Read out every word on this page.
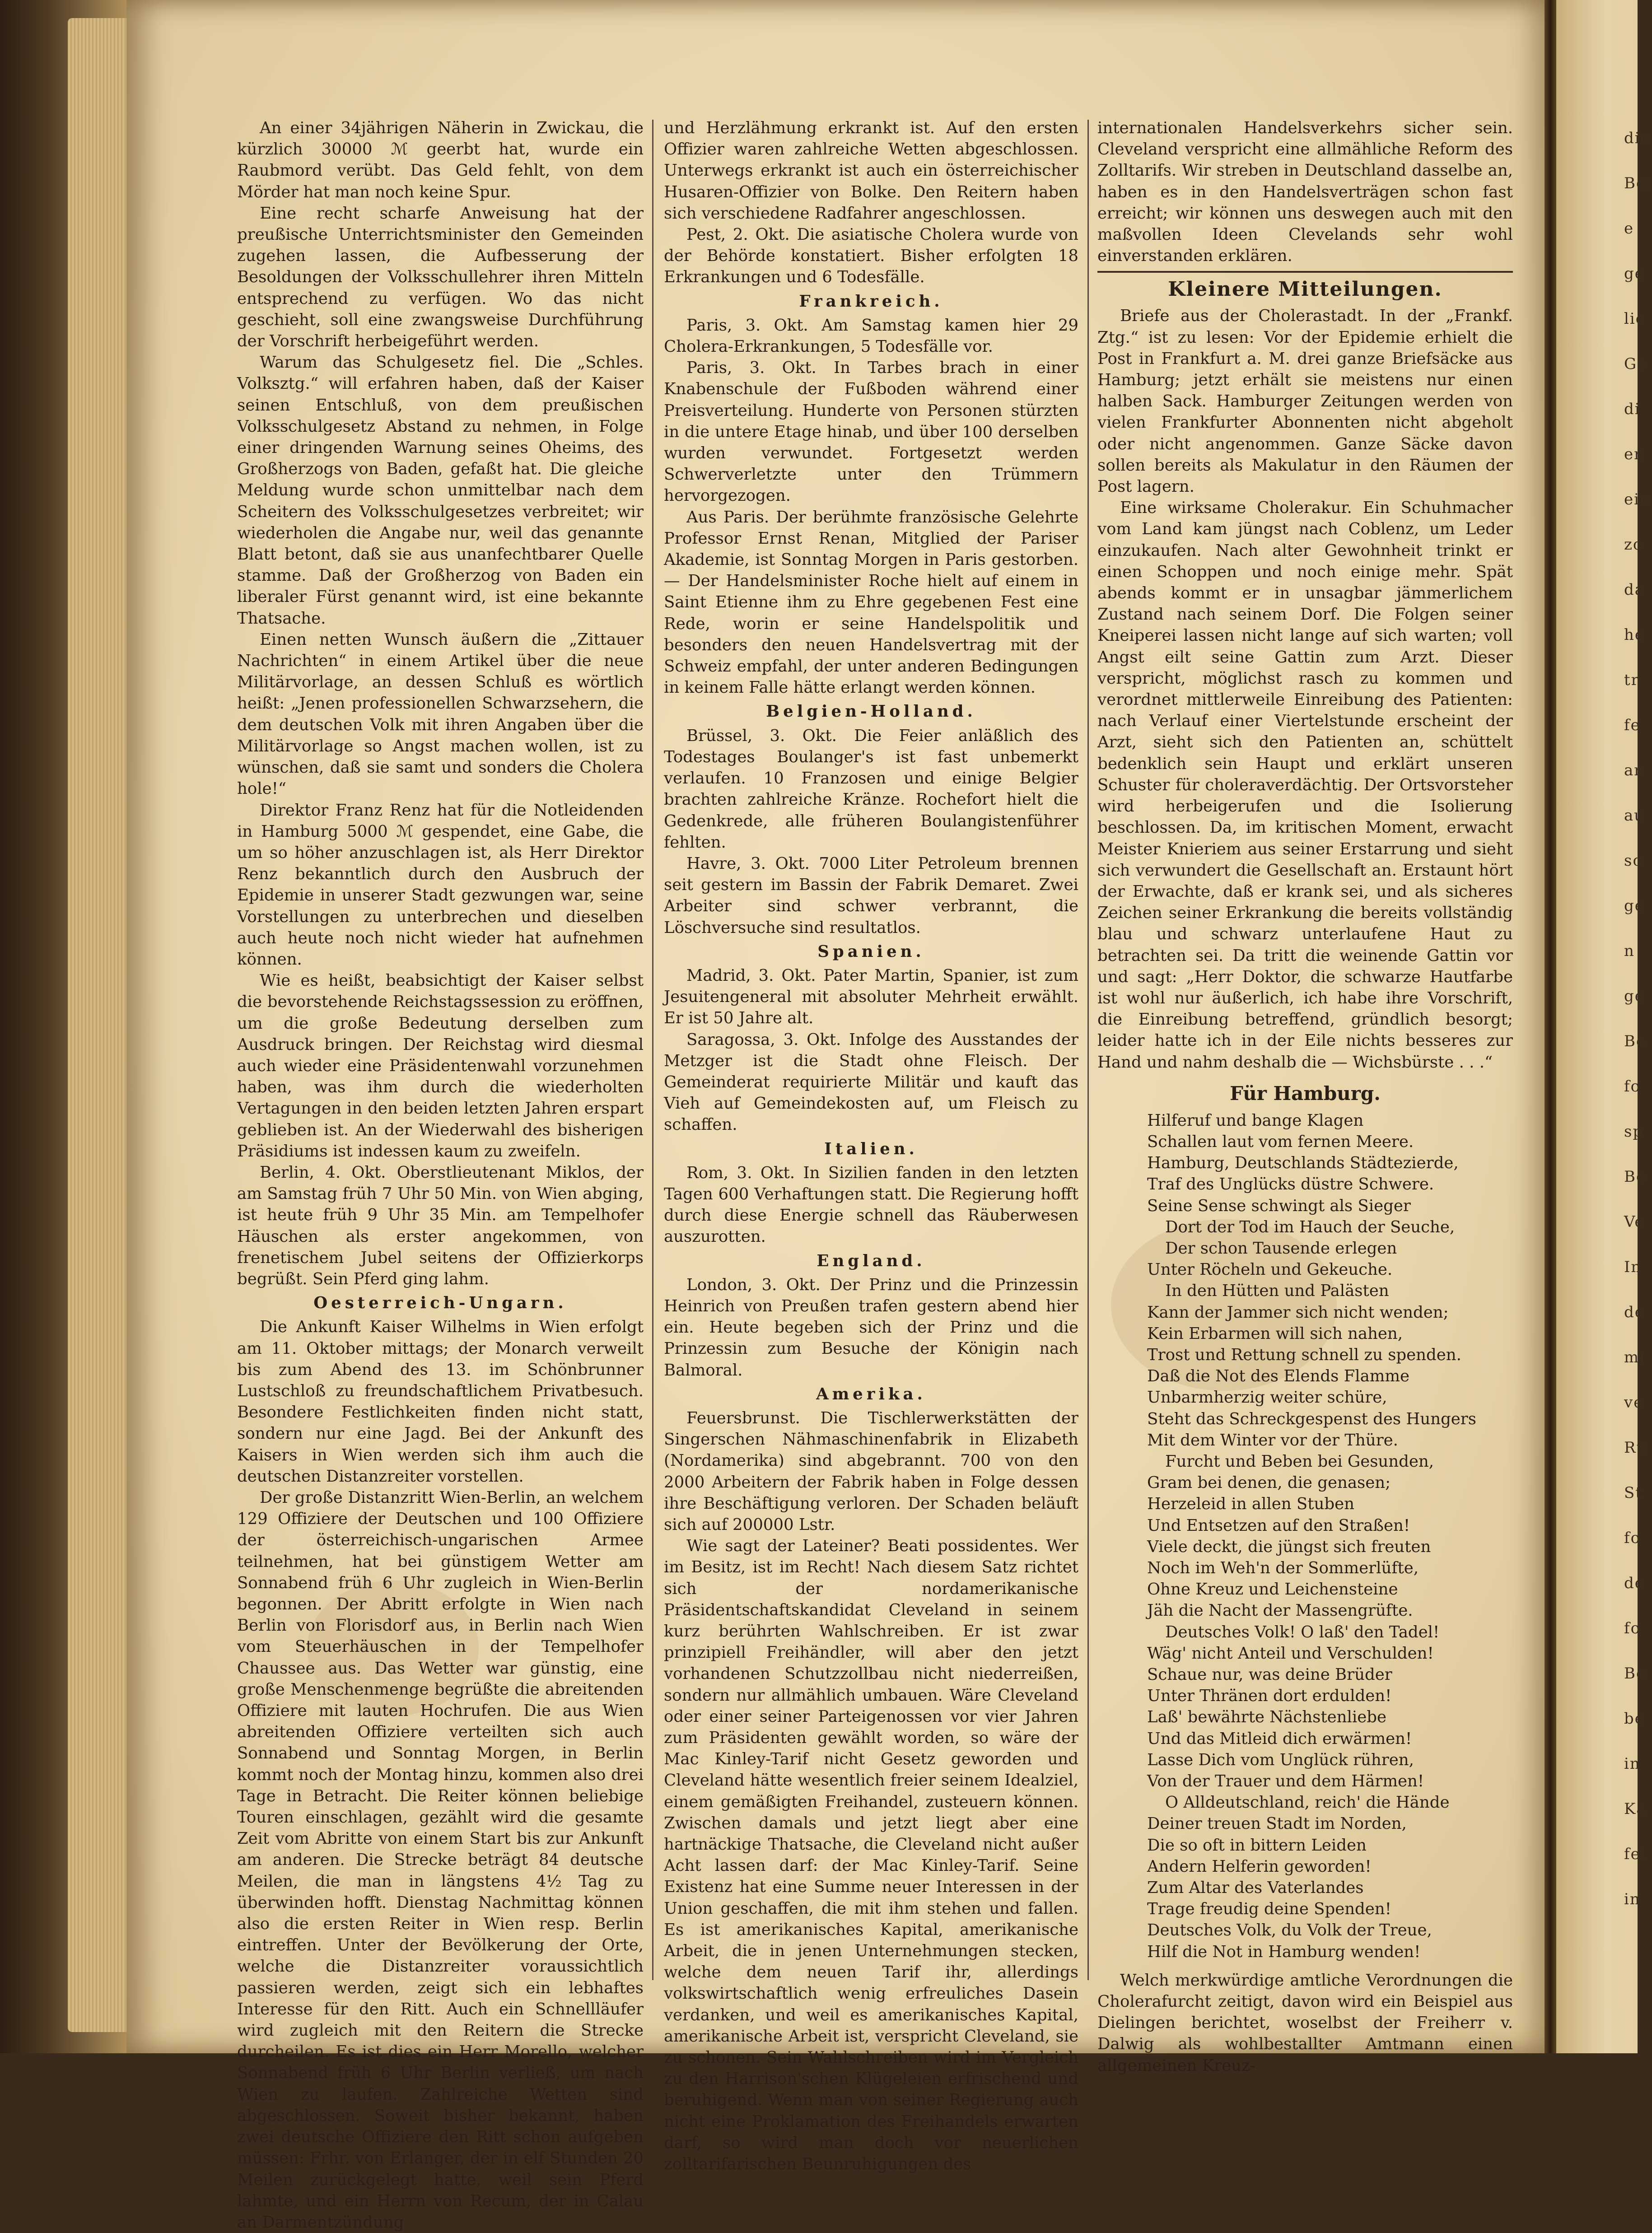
An einer 34jährigen Näherin in Zwickau, die kürzlich 30000 ℳ geerbt hat, wurde ein Raubmord verübt. Das Geld fehlt, von dem Mörder hat man noch keine Spur.

Eine recht scharfe Anweisung hat der preußische Unterrichtsminister den Gemeinden zugehen lassen, die Aufbesserung der Besoldungen der Volksschullehrer ihren Mitteln entsprechend zu verfügen. Wo das nicht geschieht, soll eine zwangsweise Durchführung der Vorschrift herbeigeführt werden.

Warum das Schulgesetz fiel. Die „Schles. Volksztg.“ will erfahren haben, daß der Kaiser seinen Entschluß, von dem preußischen Volksschulgesetz Abstand zu nehmen, in Folge einer dringenden Warnung seines Oheims, des Großherzogs von Baden, gefaßt hat. Die gleiche Meldung wurde schon unmittelbar nach dem Scheitern des Volksschulgesetzes verbreitet; wir wiederholen die Angabe nur, weil das genannte Blatt betont, daß sie aus unanfechtbarer Quelle stamme. Daß der Großherzog von Baden ein liberaler Fürst genannt wird, ist eine bekannte Thatsache.

Einen netten Wunsch äußern die „Zittauer Nachrichten“ in einem Artikel über die neue Militärvorlage, an dessen Schluß es wörtlich heißt: „Jenen professionellen Schwarzsehern, die dem deutschen Volk mit ihren Angaben über die Militärvorlage so Angst machen wollen, ist zu wünschen, daß sie samt und sonders die Cholera hole!“

Direktor Franz Renz hat für die Notleidenden in Hamburg 5000 ℳ gespendet, eine Gabe, die um so höher anzuschlagen ist, als Herr Direktor Renz bekanntlich durch den Ausbruch der Epidemie in unserer Stadt gezwungen war, seine Vorstellungen zu unterbrechen und dieselben auch heute noch nicht wieder hat aufnehmen können.

Wie es heißt, beabsichtigt der Kaiser selbst die bevorstehende Reichstagssession zu eröffnen, um die große Bedeutung derselben zum Ausdruck bringen. Der Reichstag wird diesmal auch wieder eine Präsidentenwahl vorzunehmen haben, was ihm durch die wiederholten Vertagungen in den beiden letzten Jahren erspart geblieben ist. An der Wiederwahl des bisherigen Präsidiums ist indessen kaum zu zweifeln.

Berlin, 4. Okt. Oberstlieutenant Miklos, der am Samstag früh 7 Uhr 50 Min. von Wien abging, ist heute früh 9 Uhr 35 Min. am Tempelhofer Häuschen als erster angekommen, von frenetischem Jubel seitens der Offizierkorps begrüßt. Sein Pferd ging lahm.

Oesterreich-Ungarn.

Die Ankunft Kaiser Wilhelms in Wien erfolgt am 11. Oktober mittags; der Monarch verweilt bis zum Abend des 13. im Schönbrunner Lustschloß zu freundschaftlichem Privatbesuch. Besondere Festlichkeiten finden nicht statt, sondern nur eine Jagd. Bei der Ankunft des Kaisers in Wien werden sich ihm auch die deutschen Distanzreiter vorstellen.

Der große Distanzritt Wien-Berlin, an welchem 129 Offiziere der Deutschen und 100 Offiziere der österreichisch-ungarischen Armee teilnehmen, hat bei günstigem Wetter am Sonnabend früh 6 Uhr zugleich in Wien-Berlin begonnen. Der Abritt erfolgte in Wien nach Berlin von Florisdorf aus, in Berlin nach Wien vom Steuerhäuschen in der Tempelhofer Chaussee aus. Das Wetter war günstig, eine große Menschenmenge begrüßte die abreitenden Offiziere mit lauten Hochrufen. Die aus Wien abreitenden Offiziere verteilten sich auch Sonnabend und Sonntag Morgen, in Berlin kommt noch der Montag hinzu, kommen also drei Tage in Betracht. Die Reiter können beliebige Touren einschlagen, gezählt wird die gesamte Zeit vom Abritte von einem Start bis zur Ankunft am anderen. Die Strecke beträgt 84 deutsche Meilen, die man in längstens 4½ Tag zu überwinden hofft. Dienstag Nachmittag können also die ersten Reiter in Wien resp. Berlin eintreffen. Unter der Bevölkerung der Orte, welche die Distanzreiter voraussichtlich passieren werden, zeigt sich ein lebhaftes Interesse für den Ritt. Auch ein Schnellläufer wird zugleich mit den Reitern die Strecke durcheilen. Es ist dies ein Herr Morello, welcher Sonnabend früh 6 Uhr Berlin verließ, um nach Wien zu laufen. Zahlreiche Wetten sind abgeschlossen. Soweit bisher bekannt, haben zwei deutsche Offiziere den Ritt schon aufgeben müssen: Frhr. von Erlanger, der in elf Stunden 20 Meilen zurückgelegt hatte, weil sein Pferd lahmte, und ein Herrn von Recum, der in Calau an Darmentzündung

und Herzlähmung erkrankt ist. Auf den ersten Offizier waren zahlreiche Wetten abgeschlossen. Unterwegs erkrankt ist auch ein österreichischer Husaren-Offizier von Bolke. Den Reitern haben sich verschiedene Radfahrer angeschlossen.

Pest, 2. Okt. Die asiatische Cholera wurde von der Behörde konstatiert. Bisher erfolgten 18 Erkrankungen und 6 Todesfälle.

Frankreich.

Paris, 3. Okt. Am Samstag kamen hier 29 Cholera-Erkrankungen, 5 Todesfälle vor.

Paris, 3. Okt. In Tarbes brach in einer Knabenschule der Fußboden während einer Preisverteilung. Hunderte von Personen stürzten in die untere Etage hinab, und über 100 derselben wurden verwundet. Fortgesetzt werden Schwerverletzte unter den Trümmern hervorgezogen.

Aus Paris. Der berühmte französische Gelehrte Professor Ernst Renan, Mitglied der Pariser Akademie, ist Sonntag Morgen in Paris gestorben. — Der Handelsminister Roche hielt auf einem in Saint Etienne ihm zu Ehre gegebenen Fest eine Rede, worin er seine Handelspolitik und besonders den neuen Handelsvertrag mit der Schweiz empfahl, der unter anderen Bedingungen in keinem Falle hätte erlangt werden können.

Belgien-Holland.

Brüssel, 3. Okt. Die Feier anläßlich des Todestages Boulanger's ist fast unbemerkt verlaufen. 10 Franzosen und einige Belgier brachten zahlreiche Kränze. Rochefort hielt die Gedenkrede, alle früheren Boulangistenführer fehlten.

Havre, 3. Okt. 7000 Liter Petroleum brennen seit gestern im Bassin der Fabrik Demaret. Zwei Arbeiter sind schwer verbrannt, die Löschversuche sind resultatlos.

Spanien.

Madrid, 3. Okt. Pater Martin, Spanier, ist zum Jesuitengeneral mit absoluter Mehrheit erwählt. Er ist 50 Jahre alt.

Saragossa, 3. Okt. Infolge des Ausstandes der Metzger ist die Stadt ohne Fleisch. Der Gemeinderat requirierte Militär und kauft das Vieh auf Gemeindekosten auf, um Fleisch zu schaffen.

Italien.

Rom, 3. Okt. In Sizilien fanden in den letzten Tagen 600 Verhaftungen statt. Die Regierung hofft durch diese Energie schnell das Räuberwesen auszurotten.

England.

London, 3. Okt. Der Prinz und die Prinzessin Heinrich von Preußen trafen gestern abend hier ein. Heute begeben sich der Prinz und die Prinzessin zum Besuche der Königin nach Balmoral.

Amerika.

Feuersbrunst. Die Tischlerwerkstätten der Singerschen Nähmaschinenfabrik in Elizabeth (Nordamerika) sind abgebrannt. 700 von den 2000 Arbeitern der Fabrik haben in Folge dessen ihre Beschäftigung verloren. Der Schaden beläuft sich auf 200000 Lstr.

Wie sagt der Lateiner? Beati possidentes. Wer im Besitz, ist im Recht! Nach diesem Satz richtet sich der nordamerikanische Präsidentschaftskandidat Cleveland in seinem kurz berührten Wahlschreiben. Er ist zwar prinzipiell Freihändler, will aber den jetzt vorhandenen Schutzzollbau nicht niederreißen, sondern nur allmählich umbauen. Wäre Cleveland oder einer seiner Parteigenossen vor vier Jahren zum Präsidenten gewählt worden, so wäre der Mac Kinley-Tarif nicht Gesetz geworden und Cleveland hätte wesentlich freier seinem Idealziel, einem gemäßigten Freihandel, zusteuern können. Zwischen damals und jetzt liegt aber eine hartnäckige Thatsache, die Cleveland nicht außer Acht lassen darf: der Mac Kinley-Tarif. Seine Existenz hat eine Summe neuer Interessen in der Union geschaffen, die mit ihm stehen und fallen. Es ist amerikanisches Kapital, amerikanische Arbeit, die in jenen Unternehmungen stecken, welche dem neuen Tarif ihr, allerdings volkswirtschaftlich wenig erfreuliches Dasein verdanken, und weil es amerikanisches Kapital, amerikanische Arbeit ist, verspricht Cleveland, sie zu schonen. Sein Wahlschreiben wird im Vergleich zu den Harrison'schen Klügeleien erfrischend und beruhigend. Wenn man von seiner Regierung auch nicht eine Proklamation des Freihandels erwarten darf, so wird man doch vor neuerlichen zolltarifarischen Beunruhigungen des

internationalen Handelsverkehrs sicher sein. Cleveland verspricht eine allmähliche Reform des Zolltarifs. Wir streben in Deutschland dasselbe an, haben es in den Handelsverträgen schon fast erreicht; wir können uns deswegen auch mit den maßvollen Ideen Clevelands sehr wohl einverstanden erklären.

Kleinere Mitteilungen.

Briefe aus der Cholerastadt. In der „Frankf. Ztg.“ ist zu lesen: Vor der Epidemie erhielt die Post in Frankfurt a. M. drei ganze Briefsäcke aus Hamburg; jetzt erhält sie meistens nur einen halben Sack. Hamburger Zeitungen werden von vielen Frankfurter Abonnenten nicht abgeholt oder nicht angenommen. Ganze Säcke davon sollen bereits als Makulatur in den Räumen der Post lagern.

Eine wirksame Cholerakur. Ein Schuhmacher vom Land kam jüngst nach Coblenz, um Leder einzukaufen. Nach alter Gewohnheit trinkt er einen Schoppen und noch einige mehr. Spät abends kommt er in unsagbar jämmerlichem Zustand nach seinem Dorf. Die Folgen seiner Kneiperei lassen nicht lange auf sich warten; voll Angst eilt seine Gattin zum Arzt. Dieser verspricht, möglichst rasch zu kommen und verordnet mittlerweile Einreibung des Patienten: nach Verlauf einer Viertelstunde erscheint der Arzt, sieht sich den Patienten an, schüttelt bedenklich sein Haupt und erklärt unseren Schuster für choleraverdächtig. Der Ortsvorsteher wird herbeigerufen und die Isolierung beschlossen. Da, im kritischen Moment, erwacht Meister Knieriem aus seiner Erstarrung und sieht sich verwundert die Gesellschaft an. Erstaunt hört der Erwachte, daß er krank sei, und als sicheres Zeichen seiner Erkrankung die bereits vollständig blau und schwarz unterlaufene Haut zu betrachten sei. Da tritt die weinende Gattin vor und sagt: „Herr Doktor, die schwarze Hautfarbe ist wohl nur äußerlich, ich habe ihre Vorschrift, die Einreibung betreffend, gründlich besorgt; leider hatte ich in der Eile nichts besseres zur Hand und nahm deshalb die — Wichsbürste . . .“

Für Hamburg.
Hilferuf und bange Klagen
Schallen laut vom fernen Meere.
Hamburg, Deutschlands Städtezierde,
Traf des Unglücks düstre Schwere.
Seine Sense schwingt als Sieger
Dort der Tod im Hauch der Seuche,
Der schon Tausende erlegen
Unter Röcheln und Gekeuche.
In den Hütten und Palästen
Kann der Jammer sich nicht wenden;
Kein Erbarmen will sich nahen,
Trost und Rettung schnell zu spenden.
Daß die Not des Elends Flamme
Unbarmherzig weiter schüre,
Steht das Schreckgespenst des Hungers
Mit dem Winter vor der Thüre.
Furcht und Beben bei Gesunden,
Gram bei denen, die genasen;
Herzeleid in allen Stuben
Und Entsetzen auf den Straßen!
Viele deckt, die jüngst sich freuten
Noch im Weh'n der Sommerlüfte,
Ohne Kreuz und Leichensteine
Jäh die Nacht der Massengrüfte.
Deutsches Volk! O laß' den Tadel!
Wäg' nicht Anteil und Verschulden!
Schaue nur, was deine Brüder
Unter Thränen dort erdulden!
Laß' bewährte Nächstenliebe
Und das Mitleid dich erwärmen!
Lasse Dich vom Unglück rühren,
Von der Trauer und dem Härmen!
O Alldeutschland, reich' die Hände
Deiner treuen Stadt im Norden,
Die so oft in bittern Leiden
Andern Helferin geworden!
Zum Altar des Vaterlandes
Trage freudig deine Spenden!
Deutsches Volk, du Volk der Treue,
Hilf die Not in Hamburg wenden!

Welch merkwürdige amtliche Verordnungen die Cholerafurcht zeitigt, davon wird ein Beispiel aus Dielingen berichtet, woselbst der Freiherr v. Dalwig als wohlbestallter Amtmann einen allgemeinen Kreuz-

die
Bei
e
ge
lie
Ge
di
en
ein
zo
da
he
tr
fe
an
au
so
ge
n
ge
Be
fo
sp
Be
Ve
In
de
mi
ve
Ru
St
fo
de
fo
Bo
be
in
Ka
fei
in
